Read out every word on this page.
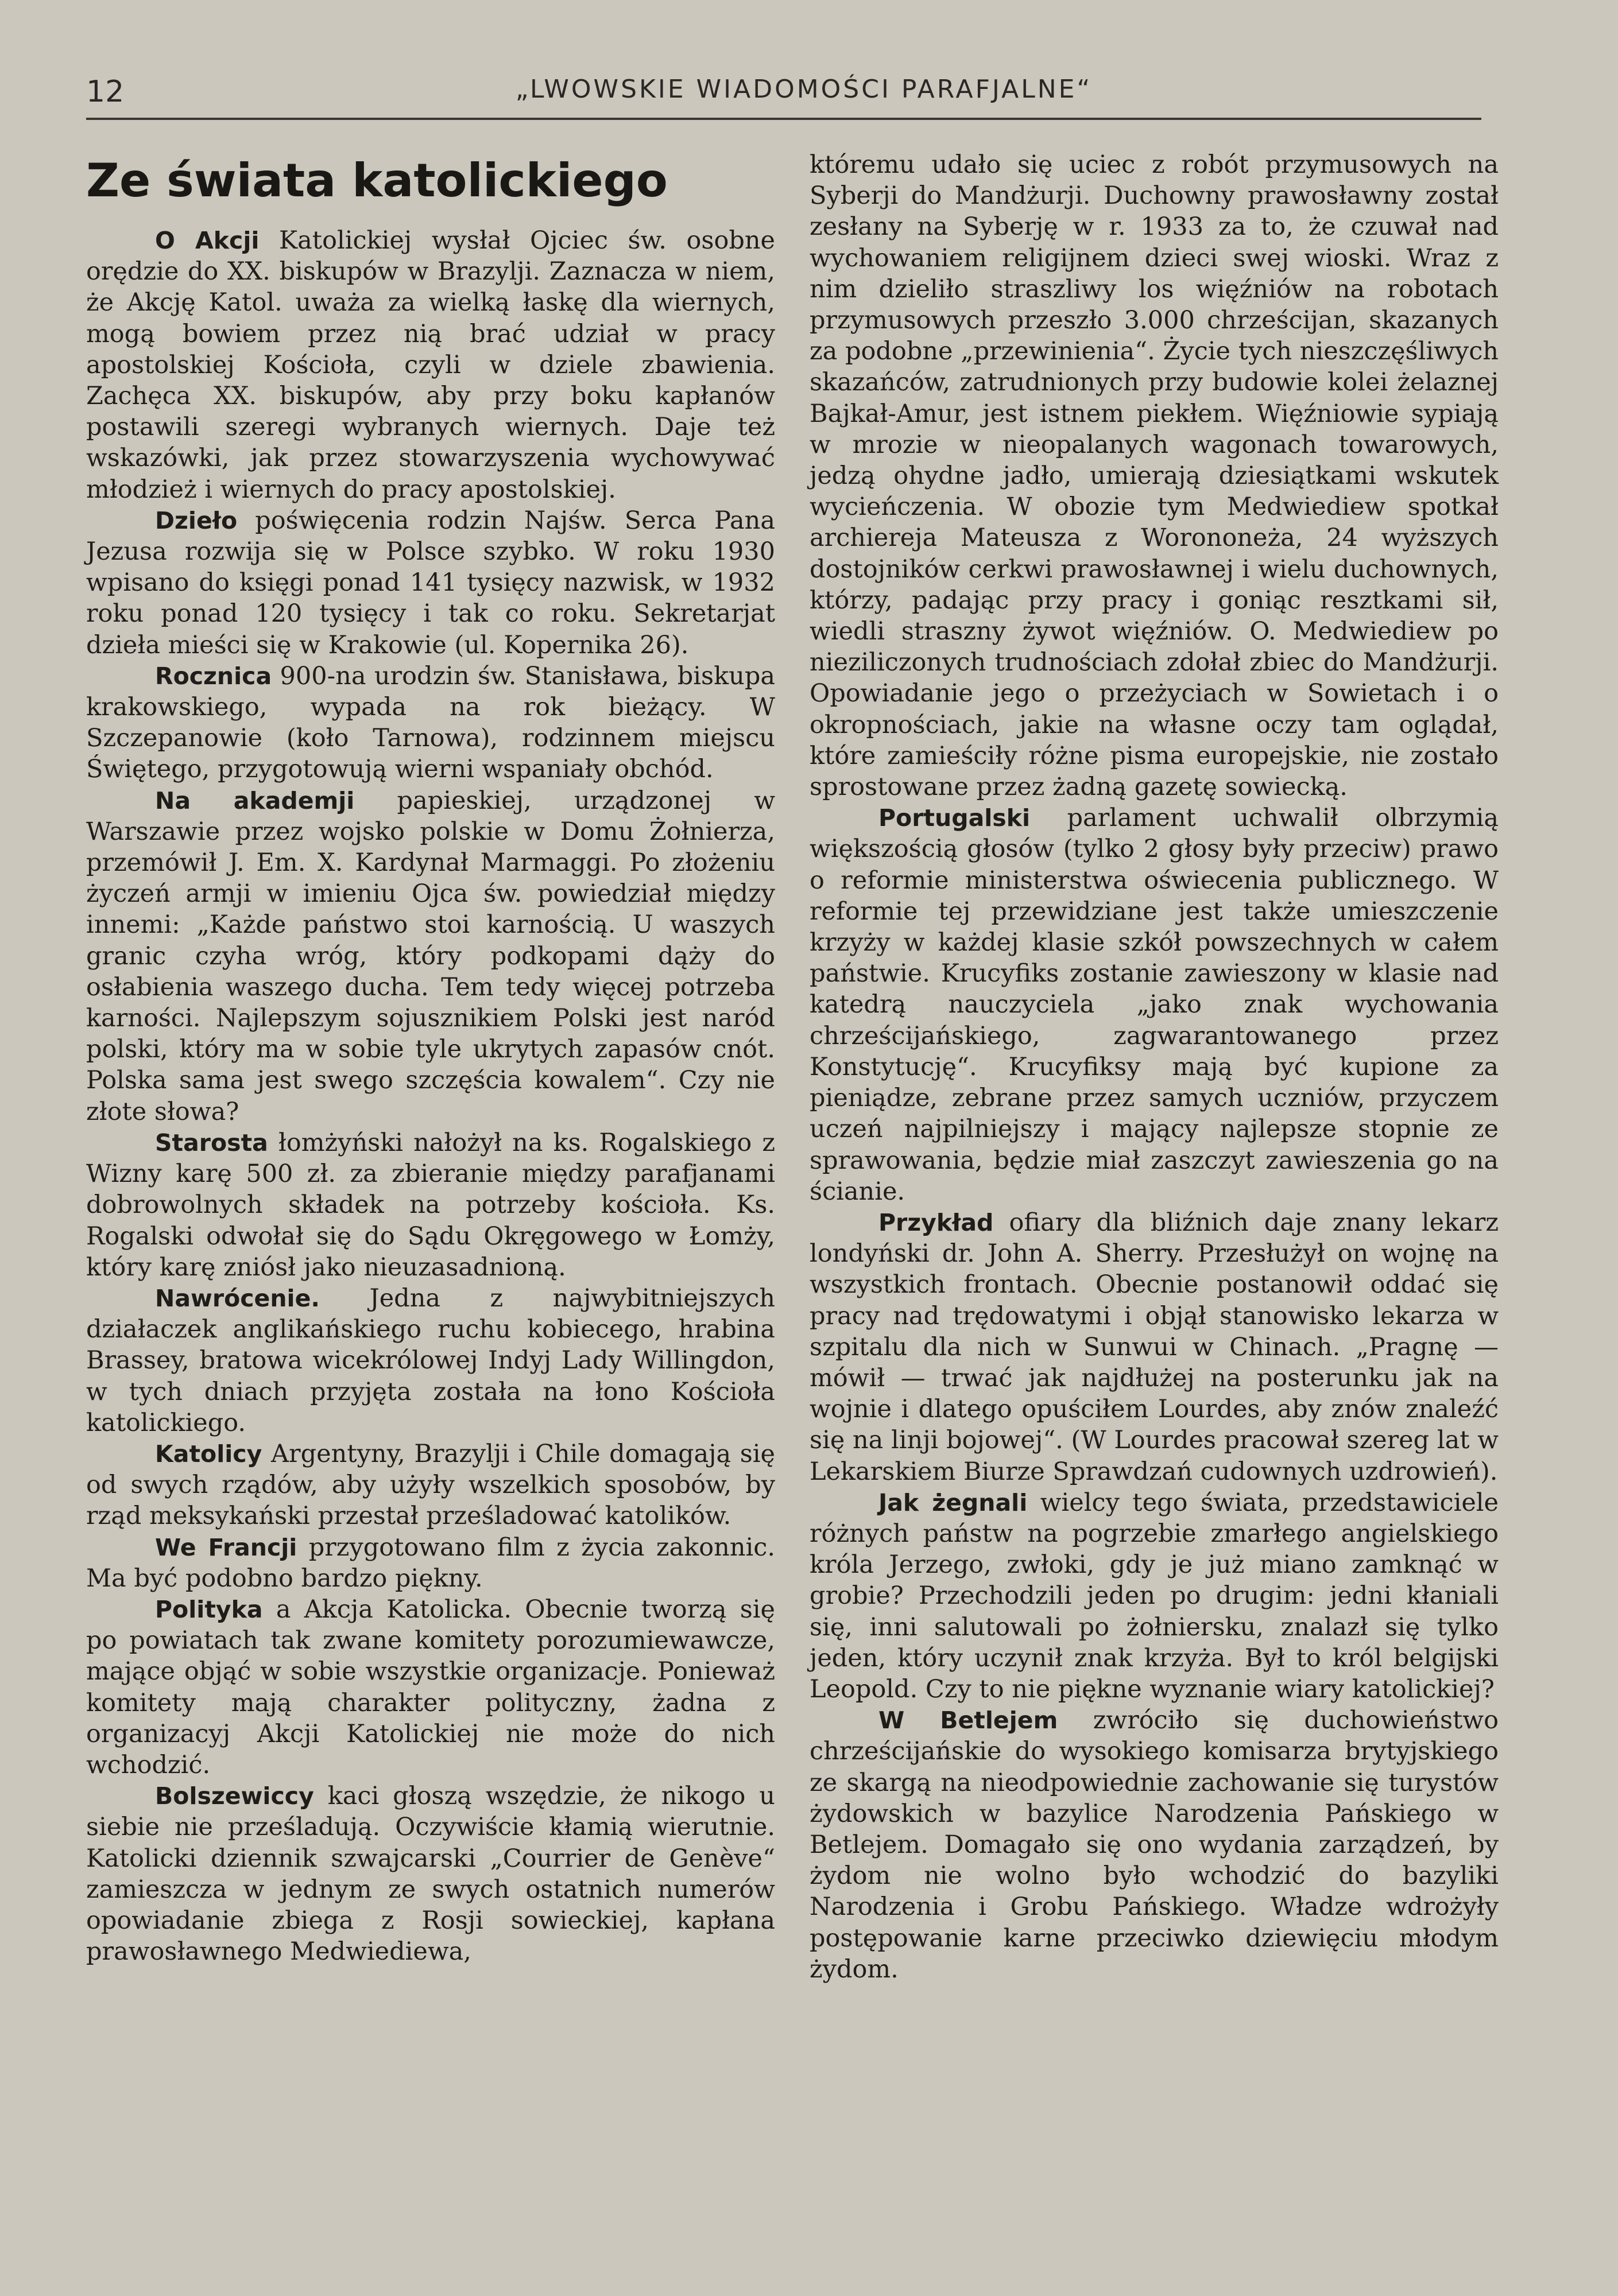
12	„LWOWSKIE WIADOMOŚCI PARAFJALNE“
Ze świata katolickiego

O Akcji Katolickiej wysłał Ojciec św. osobne orędzie do XX. biskupów w Brazylji. Zaznacza w niem, że Akcję Katol. uważa za wielką łaskę dla wiernych, mogą bowiem przez nią brać udział w pracy apostolskiej Kościoła, czyli w dziele zbawienia. Zachęca XX. biskupów, aby przy boku kapłanów postawili szeregi wybranych wiernych. Daje też wskazówki, jak przez stowarzyszenia wychowywać młodzież i wiernych do pracy apostolskiej.

Dzieło poświęcenia rodzin Najśw. Serca Pana Jezusa rozwija się w Polsce szybko. W roku 1930 wpisano do księgi ponad 141 tysięcy nazwisk, w 1932 roku ponad 120 tysięcy i tak co roku. Sekretarjat dzieła mieści się w Krakowie (ul. Kopernika 26).

Rocznica 900-na urodzin św. Stanisława, biskupa krakowskiego, wypada na rok bieżący. W Szczepanowie (koło Tarnowa), rodzinnem miejscu Świętego, przygotowują wierni wspaniały obchód.

Na akademji papieskiej, urządzonej w Warszawie przez wojsko polskie w Domu Żołnierza, przemówił J. Em. X. Kardynał Marmaggi. Po złożeniu życzeń armji w imieniu Ojca św. powiedział między innemi: „Każde państwo stoi karnością. U waszych granic czyha wróg, który podkopami dąży do osłabienia waszego ducha. Tem tedy więcej potrzeba karności. Najlepszym sojusznikiem Polski jest naród polski, który ma w sobie tyle ukrytych zapasów cnót. Polska sama jest swego szczęścia kowalem“. Czy nie złote słowa?

Starosta łomżyński nałożył na ks. Rogalskiego z Wizny karę 500 zł. za zbieranie między parafjanami dobrowolnych składek na potrzeby kościoła. Ks. Rogalski odwołał się do Sądu Okręgowego w Łomży, który karę zniósł jako nieuzasadnioną.

Nawrócenie. Jedna z najwybitniejszych działaczek anglikańskiego ruchu kobiecego, hrabina Brassey, bratowa wicekrólowej Indyj Lady Willingdon, w tych dniach przyjęta została na łono Kościoła katolickiego.

Katolicy Argentyny, Brazylji i Chile domagają się od swych rządów, aby użyły wszelkich sposobów, by rząd meksykański przestał prześladować katolików.

We Francji przygotowano film z życia zakonnic. Ma być podobno bardzo piękny.

Polityka a Akcja Katolicka. Obecnie tworzą się po powiatach tak zwane komitety porozumiewawcze, mające objąć w sobie wszystkie organizacje. Ponieważ komitety mają charakter polityczny, żadna z organizacyj Akcji Katolickiej nie może do nich wchodzić.

Bolszewiccy kaci głoszą wszędzie, że nikogo u siebie nie prześladują. Oczywiście kłamią wierutnie. Katolicki dziennik szwajcarski „Courrier de Genève“ zamieszcza w jednym ze swych ostatnich numerów opowiadanie zbiega z Rosji sowieckiej, kapłana prawosławnego Medwiediewa,

któremu udało się uciec z robót przymusowych na Syberji do Mandżurji. Duchowny prawosławny został zesłany na Syberję w r. 1933 za to, że czuwał nad wychowaniem religijnem dzieci swej wioski. Wraz z nim dzieliło straszliwy los więźniów na robotach przymusowych przeszło 3.000 chrześcijan, skazanych za podobne „przewinienia“. Życie tych nieszczęśliwych skazańców, zatrudnionych przy budowie kolei żelaznej Bajkał-Amur, jest istnem piekłem. Więźniowie sypiają w mrozie w nieopalanych wagonach towarowych, jedzą ohydne jadło, umierają dziesiątkami wskutek wycieńczenia. W obozie tym Medwiediew spotkał archiereja Mateusza z Worononeża, 24 wyższych dostojników cerkwi prawosławnej i wielu duchownych, którzy, padając przy pracy i goniąc resztkami sił, wiedli straszny żywot więźniów. O. Medwiediew po nieziliczonych trudnościach zdołał zbiec do Mandżurji. Opowiadanie jego o przeżyciach w Sowietach i o okropnościach, jakie na własne oczy tam oglądał, które zamieściły różne pisma europejskie, nie zostało sprostowane przez żadną gazetę sowiecką.

Portugalski parlament uchwalił olbrzymią większością głosów (tylko 2 głosy były przeciw) prawo o reformie ministerstwa oświecenia publicznego. W reformie tej przewidziane jest także umieszczenie krzyży w każdej klasie szkół powszechnych w całem państwie. Krucyfiks zostanie zawieszony w klasie nad katedrą nauczyciela „jako znak wychowania chrześcijańskiego, zagwarantowanego przez Konstytucję“. Krucyfiksy mają być kupione za pieniądze, zebrane przez samych uczniów, przyczem uczeń najpilniejszy i mający najlepsze stopnie ze sprawowania, będzie miał zaszczyt zawieszenia go na ścianie.

Przykład ofiary dla bliźnich daje znany lekarz londyński dr. John A. Sherry. Przesłużył on wojnę na wszystkich frontach. Obecnie postanowił oddać się pracy nad trędowatymi i objął stanowisko lekarza w szpitalu dla nich w Sunwui w Chinach. „Pragnę — mówił — trwać jak najdłużej na posterunku jak na wojnie i dlatego opuściłem Lourdes, aby znów znaleźć się na linji bojowej“. (W Lourdes pracował szereg lat w Lekarskiem Biurze Sprawdzań cudownych uzdrowień).

Jak żegnali wielcy tego świata, przedstawiciele różnych państw na pogrzebie zmarłego angielskiego króla Jerzego, zwłoki, gdy je już miano zamknąć w grobie? Przechodzili jeden po drugim: jedni kłaniali się, inni salutowali po żołniersku, znalazł się tylko jeden, który uczynił znak krzyża. Był to król belgijski Leopold. Czy to nie piękne wyznanie wiary katolickiej?

W Betlejem zwróciło się duchowieństwo chrześcijańskie do wysokiego komisarza brytyjskiego ze skargą na nieodpowiednie zachowanie się turystów żydowskich w bazylice Narodzenia Pańskiego w Betlejem. Domagało się ono wydania zarządzeń, by żydom nie wolno było wchodzić do bazyliki Narodzenia i Grobu Pańskiego. Władze wdrożyły postępowanie karne przeciwko dziewięciu młodym żydom.
